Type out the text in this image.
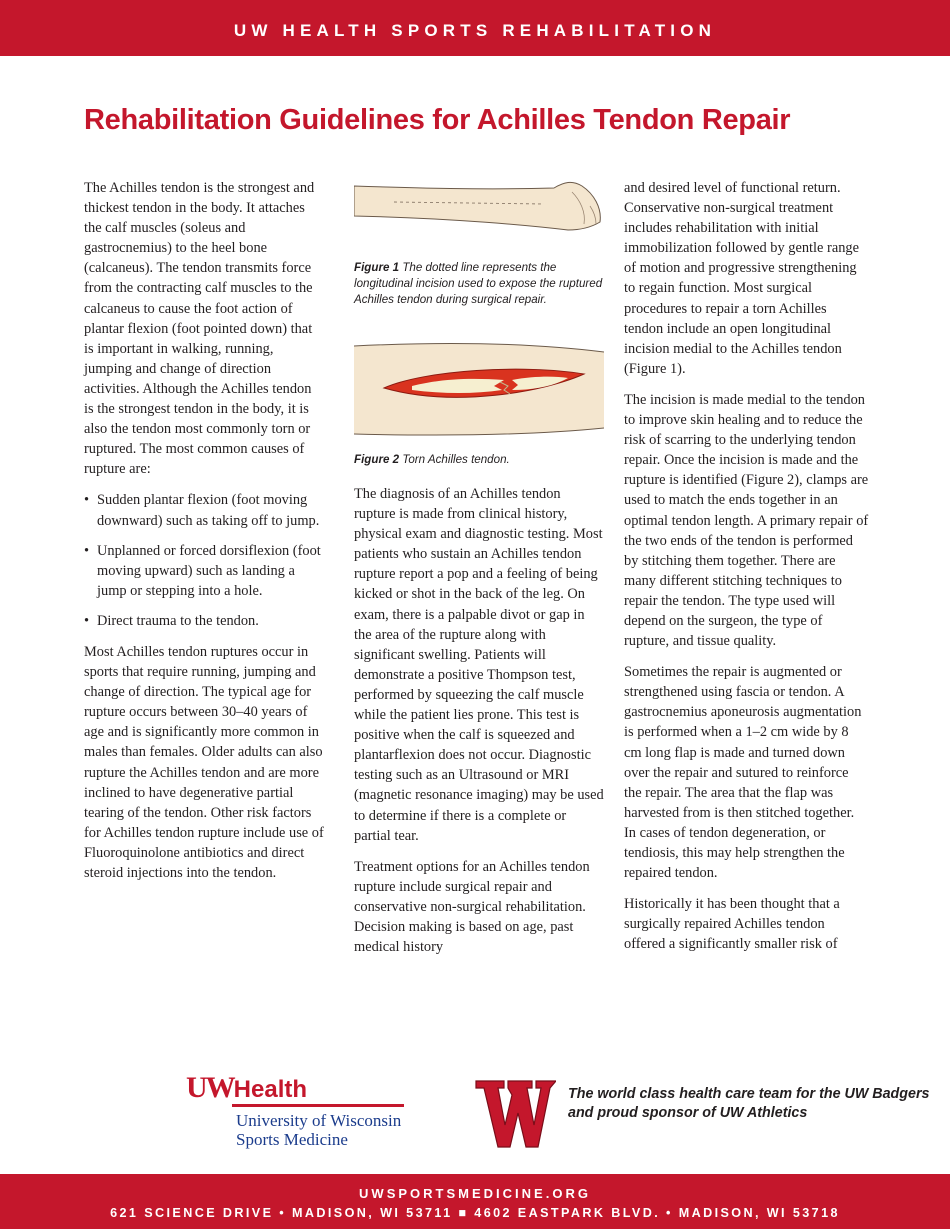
UW HEALTH SPORTS REHABILITATION
Rehabilitation Guidelines for Achilles Tendon Repair

The Achilles tendon is the strongest and thickest tendon in the body. It attaches the calf muscles (soleus and gastrocnemius) to the heel bone (calcaneus). The tendon transmits force from the contracting calf muscles to the calcaneus to cause the foot action of plantar flexion (foot pointed down) that is important in walking, running, jumping and change of direction activities. Although the Achilles tendon is the strongest tendon in the body, it is also the tendon most commonly torn or ruptured. The most common causes of rupture are:

• Sudden plantar flexion (foot moving downward) such as taking off to jump.
• Unplanned or forced dorsiflexion (foot moving upward) such as landing a jump or stepping into a hole.
• Direct trauma to the tendon.

Most Achilles tendon ruptures occur in sports that require running, jumping and change of direction. The typical age for rupture occurs between 30–40 years of age and is significantly more common in males than females. Older adults can also rupture the Achilles tendon and are more inclined to have degenerative partial tearing of the tendon. Other risk factors for Achilles tendon rupture include use of Fluoroquinolone antibiotics and direct steroid injections into the tendon.

Figure 1 The dotted line represents the longitudinal incision used to expose the ruptured Achilles tendon during surgical repair.

Figure 2 Torn Achilles tendon.

The diagnosis of an Achilles tendon rupture is made from clinical history, physical exam and diagnostic testing. Most patients who sustain an Achilles tendon rupture report a pop and a feeling of being kicked or shot in the back of the leg. On exam, there is a palpable divot or gap in the area of the rupture along with significant swelling. Patients will demonstrate a positive Thompson test, performed by squeezing the calf muscle while the patient lies prone. This test is positive when the calf is squeezed and plantarflexion does not occur. Diagnostic testing such as an Ultrasound or MRI (magnetic resonance imaging) may be used to determine if there is a complete or partial tear.

Treatment options for an Achilles tendon rupture include surgical repair and conservative non-surgical rehabilitation. Decision making is based on age, past medical history

and desired level of functional return. Conservative non-surgical treatment includes rehabilitation with initial immobilization followed by gentle range of motion and progressive strengthening to regain function. Most surgical procedures to repair a torn Achilles tendon include an open longitudinal incision medial to the Achilles tendon (Figure 1).

The incision is made medial to the tendon to improve skin healing and to reduce the risk of scarring to the underlying tendon repair. Once the incision is made and the rupture is identified (Figure 2), clamps are used to match the ends together in an optimal tendon length. A primary repair of the two ends of the tendon is performed by stitching them together. There are many different stitching techniques to repair the tendon. The type used will depend on the surgeon, the type of rupture, and tissue quality.

Sometimes the repair is augmented or strengthened using fascia or tendon. A gastrocnemius aponeurosis augmentation is performed when a 1–2 cm wide by 8 cm long flap is made and turned down over the repair and sutured to reinforce the repair. The area that the flap was harvested from is then stitched together. In cases of tendon degeneration, or tendiosis, this may help strengthen the repaired tendon.

Historically it has been thought that a surgically repaired Achilles tendon offered a significantly smaller risk of

UWHealth
University of Wisconsin Sports Medicine
The world class health care team for the UW Badgers and proud sponsor of UW Athletics
UWSPORTSMEDICINE.ORG
621 SCIENCE DRIVE • MADISON, WI 53711 ■ 4602 EASTPARK BLVD. • MADISON, WI 53718
